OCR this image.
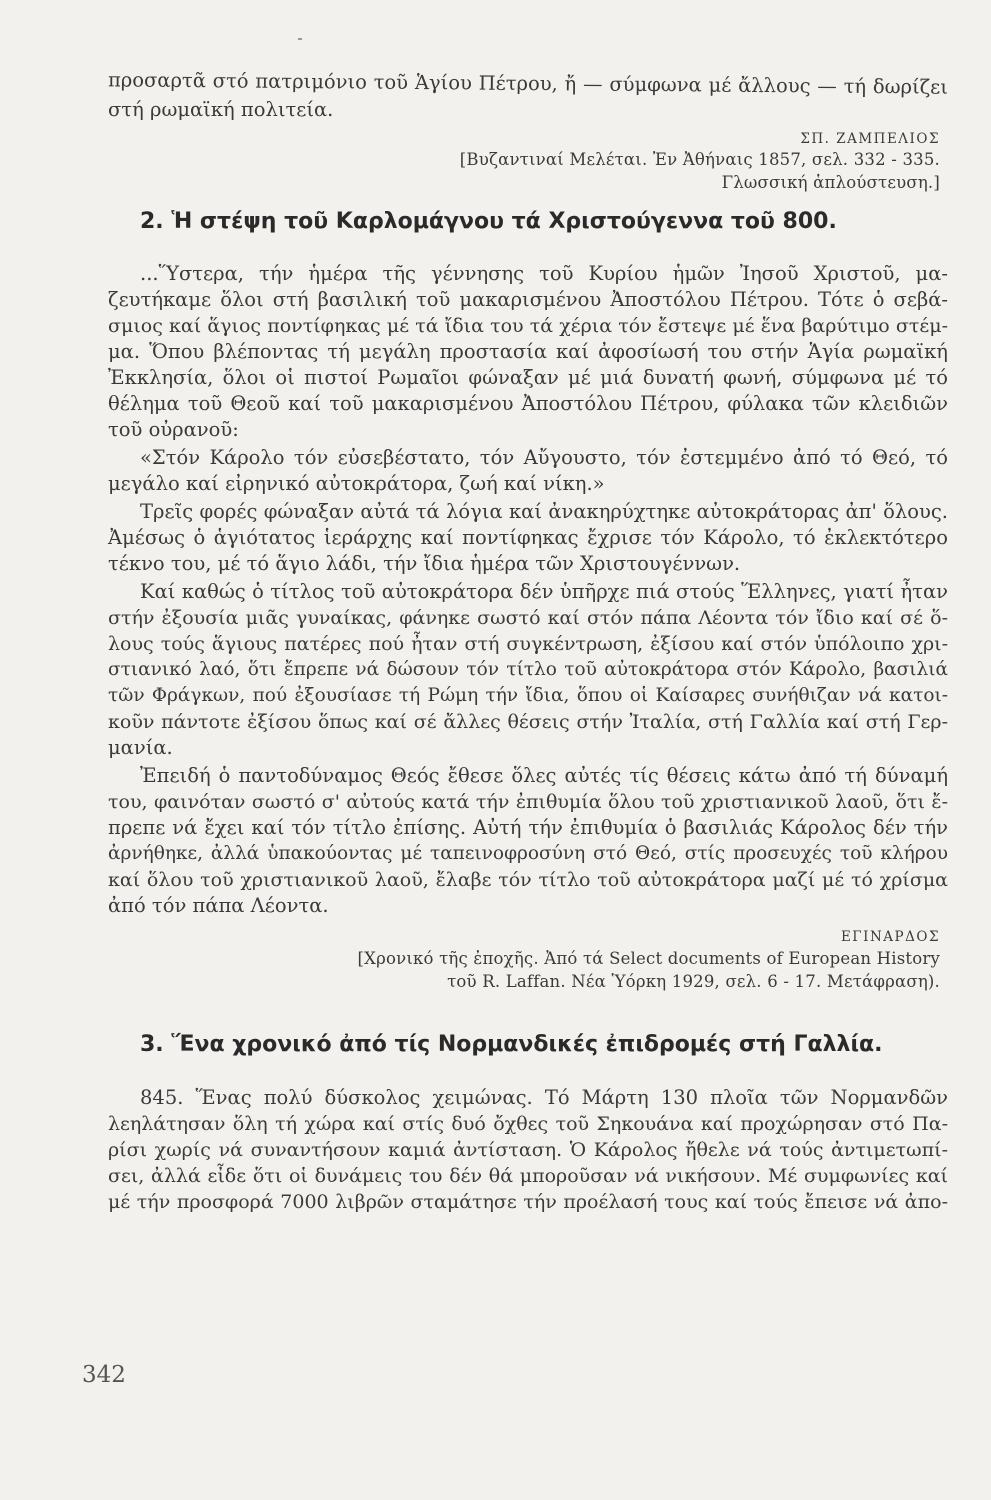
προσαρτᾶ στό πατριμόνιο τοῦ Ἁγίου Πέτρου, ἤ — σύμφωνα μέ ἄλλους — τή δωρίζει
στή ρωμαϊκή πολιτεία.
ΣΠ. ΖΑΜΠΕΛΙΟΣ
[Βυζαντιναί Μελέται. Ἐν Ἀθήναις 1857, σελ. 332 - 335.
Γλωσσική ἁπλούστευση.]
2. Ἡ στέψη τοῦ Καρλομάγνου τά Χριστούγεννα τοῦ 800.
...Ὕστερα, τήν ἡμέρα τῆς γέννησης τοῦ Κυρίου ἡμῶν Ἰησοῦ Χριστοῦ, μα-
ζευτήκαμε ὅλοι στή βασιλική τοῦ μακαρισμένου Ἀποστόλου Πέτρου. Τότε ὁ σεβά-
σμιος καί ἅγιος ποντίφηκας μέ τά ἴδια του τά χέρια τόν ἔστεψε μέ ἕνα βαρύτιμο στέμ-
μα. Ὅπου βλέποντας τή μεγάλη προστασία καί ἀφοσίωσή του στήν Ἁγία ρωμαϊκή
Ἐκκλησία, ὅλοι οἱ πιστοί Ρωμαῖοι φώναξαν μέ μιά δυνατή φωνή, σύμφωνα μέ τό
θέλημα τοῦ Θεοῦ καί τοῦ μακαρισμένου Ἀποστόλου Πέτρου, φύλακα τῶν κλειδιῶν
τοῦ οὐρανοῦ:
«Στόν Κάρολο τόν εὐσεβέστατο, τόν Αὔγουστο, τόν ἐστεμμένο ἀπό τό Θεό, τό
μεγάλο καί εἰρηνικό αὐτοκράτορα, ζωή καί νίκη.»
Τρεῖς φορές φώναξαν αὐτά τά λόγια καί ἀνακηρύχτηκε αὐτοκράτορας ἀπ' ὅλους.
Ἀμέσως ὁ ἁγιότατος ἱεράρχης καί ποντίφηκας ἔχρισε τόν Κάρολο, τό ἐκλεκτότερο
τέκνο του, μέ τό ἅγιο λάδι, τήν ἴδια ἡμέρα τῶν Χριστουγέννων.
Καί καθώς ὁ τίτλος τοῦ αὐτοκράτορα δέν ὑπῆρχε πιά στούς Ἕλληνες, γιατί ἦταν
στήν ἐξουσία μιᾶς γυναίκας, φάνηκε σωστό καί στόν πάπα Λέοντα τόν ἴδιο καί σέ ὅ-
λους τούς ἅγιους πατέρες πού ἦταν στή συγκέντρωση, ἐξίσου καί στόν ὑπόλοιπο χρι-
στιανικό λαό, ὅτι ἔπρεπε νά δώσουν τόν τίτλο τοῦ αὐτοκράτορα στόν Κάρολο, βασιλιά
τῶν Φράγκων, πού ἐξουσίασε τή Ρώμη τήν ἴδια, ὅπου οἱ Καίσαρες συνήθιζαν νά κατοι-
κοῦν πάντοτε ἐξίσου ὅπως καί σέ ἄλλες θέσεις στήν Ἰταλία, στή Γαλλία καί στή Γερ-
μανία.
Ἐπειδή ὁ παντοδύναμος Θεός ἔθεσε ὅλες αὐτές τίς θέσεις κάτω ἀπό τή δύναμή
του, φαινόταν σωστό σ' αὐτούς κατά τήν ἐπιθυμία ὅλου τοῦ χριστιανικοῦ λαοῦ, ὅτι ἔ-
πρεπε νά ἔχει καί τόν τίτλο ἐπίσης. Αὐτή τήν ἐπιθυμία ὁ βασιλιάς Κάρολος δέν τήν
ἀρνήθηκε, ἀλλά ὑπακούοντας μέ ταπεινοφροσύνη στό Θεό, στίς προσευχές τοῦ κλήρου
καί ὅλου τοῦ χριστιανικοῦ λαοῦ, ἔλαβε τόν τίτλο τοῦ αὐτοκράτορα μαζί μέ τό χρίσμα
ἀπό τόν πάπα Λέοντα.
ΕΓΙΝΑΡΔΟΣ
[Χρονικό τῆς ἐποχῆς. Ἀπό τά Select documents of European History
τοῦ R. Laffan. Νέα Ὑόρκη 1929, σελ. 6 - 17. Μετάφραση).
3. Ἕνα χρονικό ἀπό τίς Νορμανδικές ἐπιδρομές στή Γαλλία.
845. Ἕνας πολύ δύσκολος χειμώνας. Τό Μάρτη 130 πλοῖα τῶν Νορμανδῶν
λεηλάτησαν ὅλη τή χώρα καί στίς δυό ὄχθες τοῦ Σηκουάνα καί προχώρησαν στό Πα-
ρίσι χωρίς νά συναντήσουν καμιά ἀντίσταση. Ὁ Κάρολος ἤθελε νά τούς ἀντιμετωπί-
σει, ἀλλά εἶδε ὅτι οἱ δυνάμεις του δέν θά μποροῦσαν νά νικήσουν. Μέ συμφωνίες καί
μέ τήν προσφορά 7000 λιβρῶν σταμάτησε τήν προέλασή τους καί τούς ἔπεισε νά ἀπο-
342
